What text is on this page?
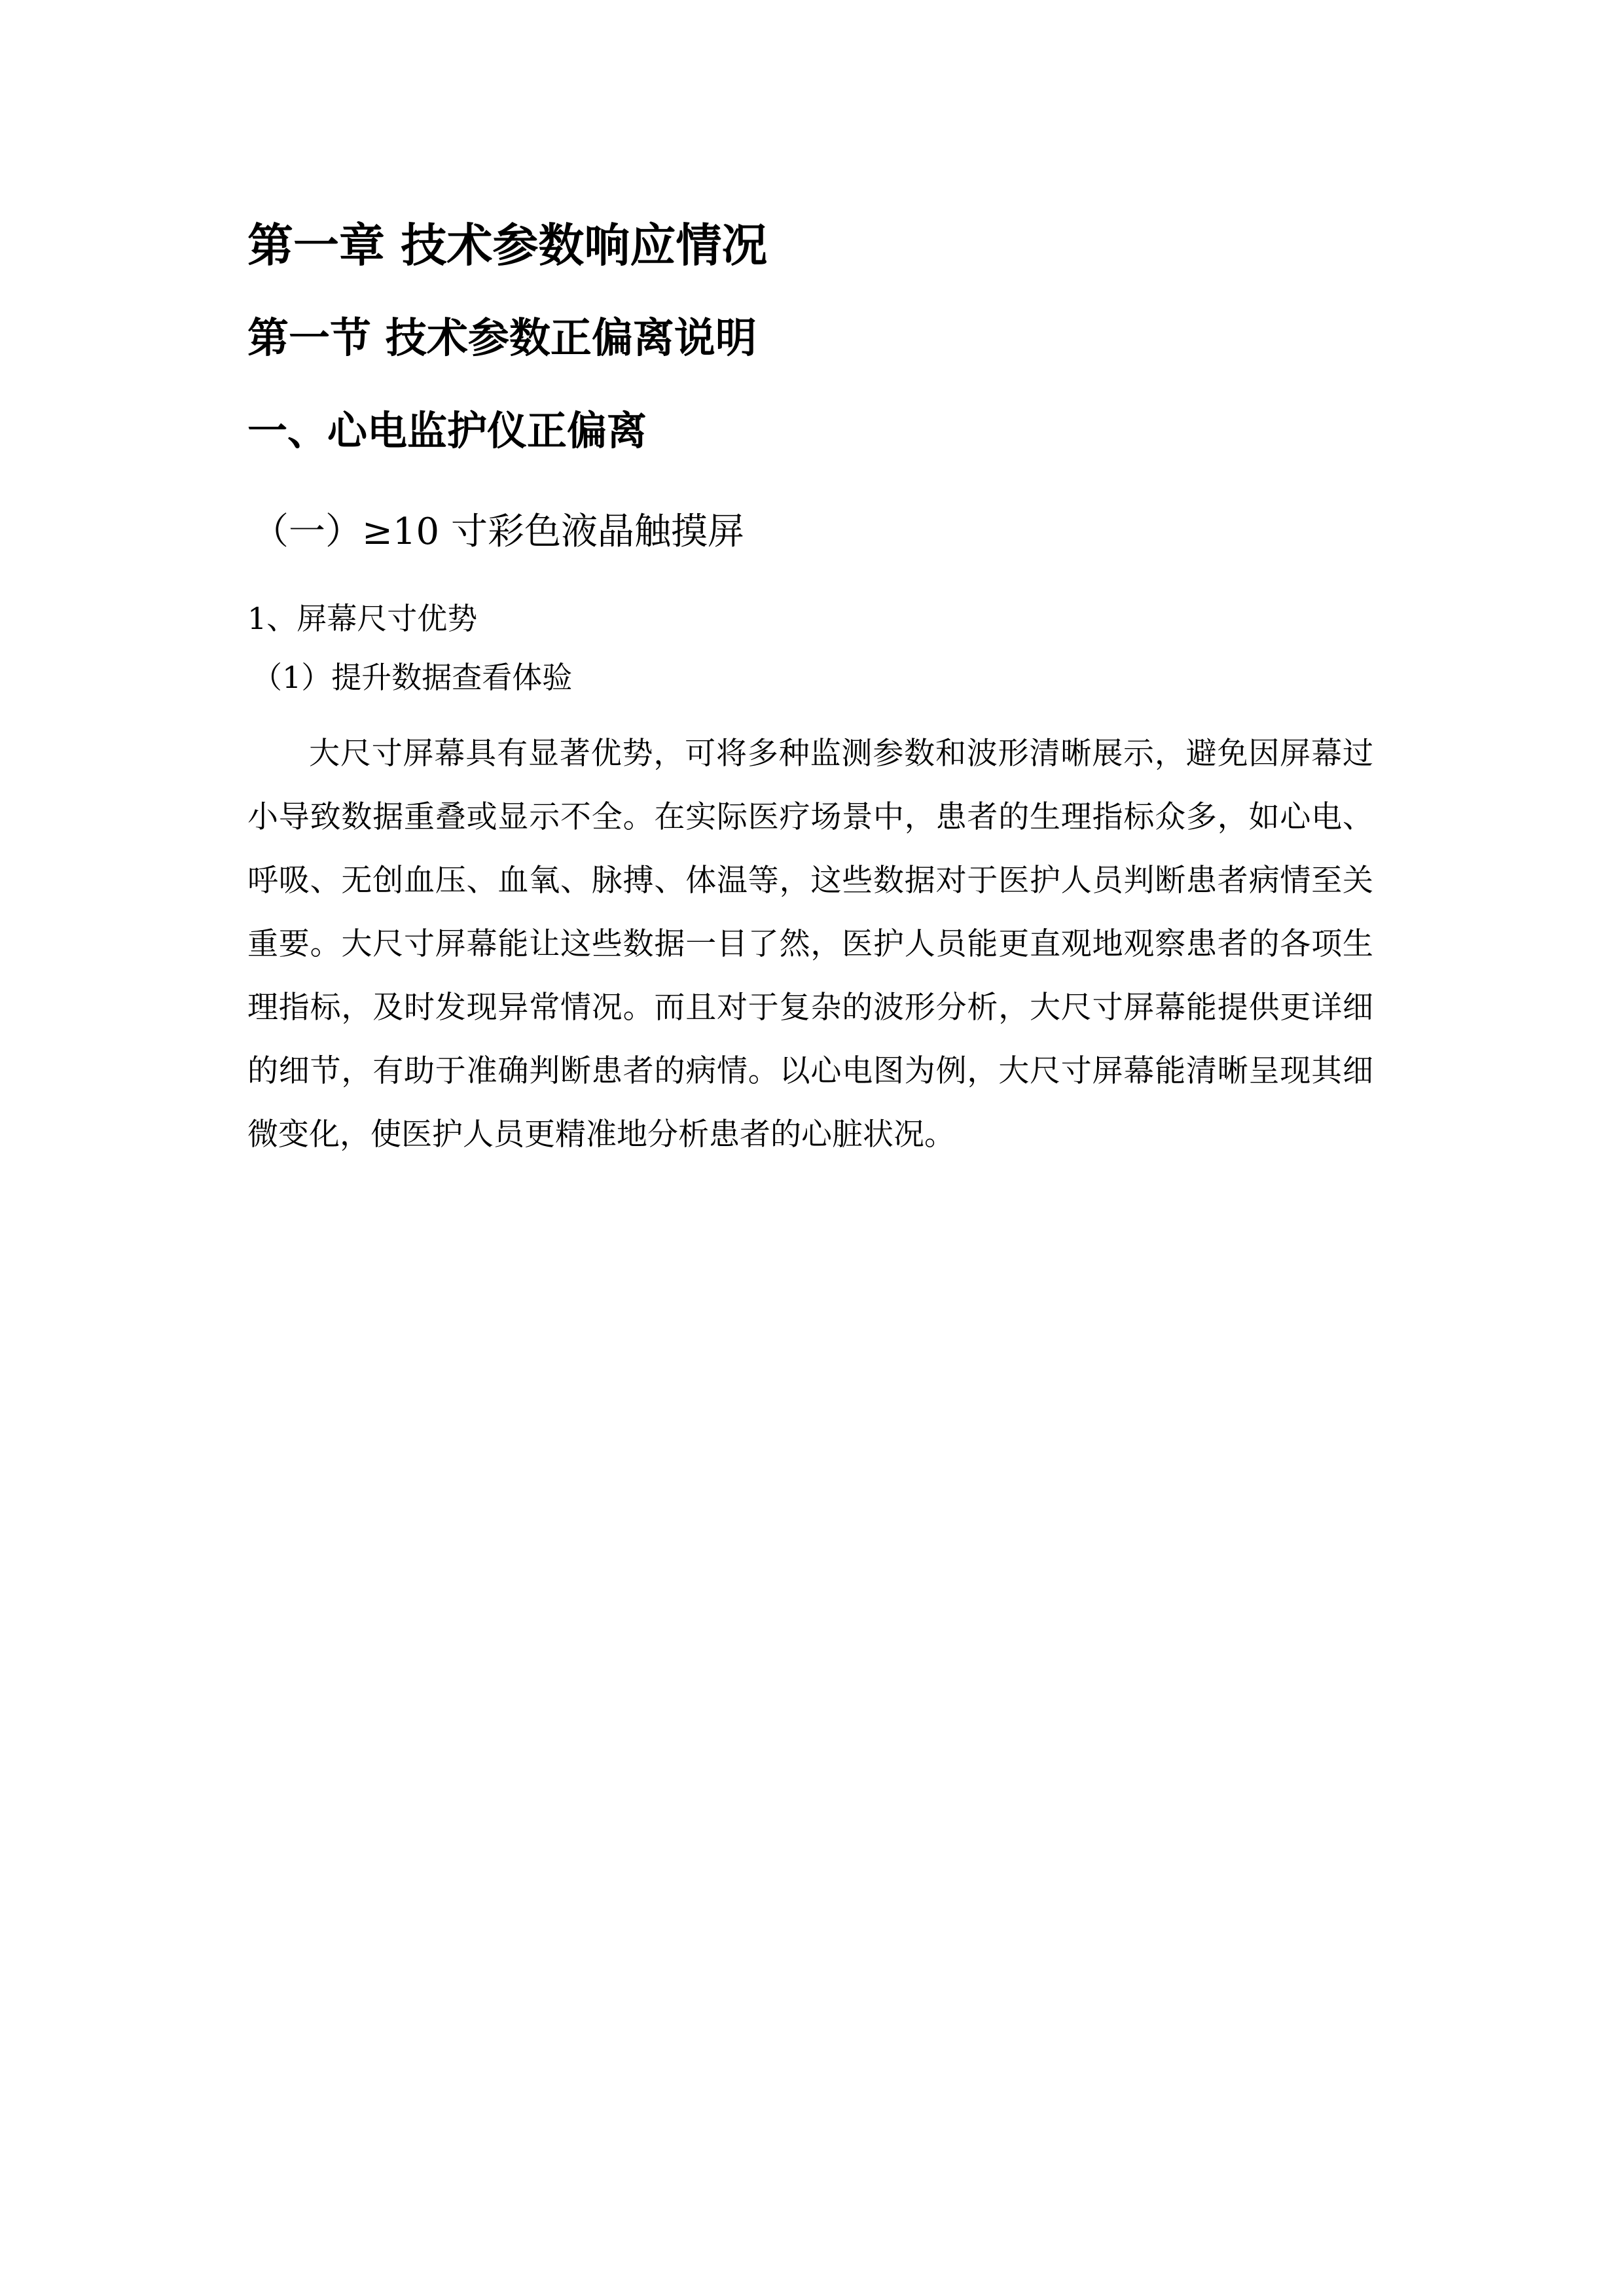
第一章 技术参数响应情况
第一节 技术参数正偏离说明
一、心电监护仪正偏离
（一）≥10 寸彩色液晶触摸屏

1、屏幕尺寸优势

（1）提升数据查看体验

大尺寸屏幕具有显著优势，可将多种监测参数和波形清晰展示，避免因屏幕过小导致数据重叠或显示不全。在实际医疗场景中，患者的生理指标众多，如心电、呼吸、无创血压、血氧、脉搏、体温等，这些数据对于医护人员判断患者病情至关重要。大尺寸屏幕能让这些数据一目了然，医护人员能更直观地观察患者的各项生理指标，及时发现异常情况。而且对于复杂的波形分析，大尺寸屏幕能提供更详细的细节，有助于准确判断患者的病情。以心电图为例，大尺寸屏幕能清晰呈现其细微变化，使医护人员更精准地分析患者的心脏状况。
